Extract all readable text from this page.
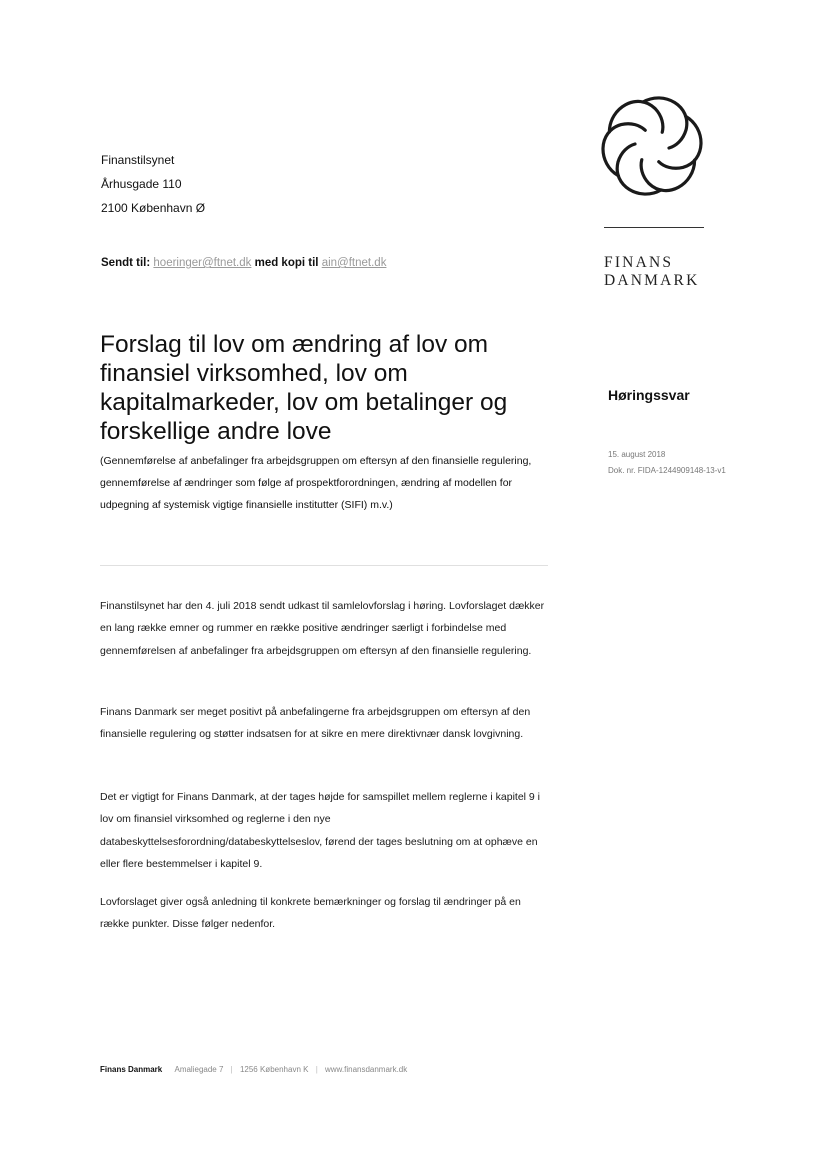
Finanstilsynet
Århusgade 110
2100 København Ø
Sendt til: hoeringer@ftnet.dk med kopi til ain@ftnet.dk	FINANS
DANMARK
Høringssvar
15. august 2018
Dok. nr. FIDA-1244909148-13-v1
Forslag til lov om ændring af lov om finansiel virksomhed, lov om kapitalmarkeder, lov om betalinger og forskellige andre love
(Gennemførelse af anbefalinger fra arbejdsgruppen om eftersyn af den finansielle regulering, gennemførelse af ændringer som følge af prospektforordningen, ændring af modellen for udpegning af systemisk vigtige finansielle institutter (SIFI) m.v.)
Finanstilsynet har den 4. juli 2018 sendt udkast til samlelovforslag i høring. Lovforslaget dækker en lang række emner og rummer en række positive ændringer særligt i forbindelse med gennemførelsen af anbefalinger fra arbejdsgruppen om eftersyn af den finansielle regulering.
Finans Danmark ser meget positivt på anbefalingerne fra arbejdsgruppen om eftersyn af den finansielle regulering og støtter indsatsen for at sikre en mere direktivnær dansk lovgivning.
Det er vigtigt for Finans Danmark, at der tages højde for samspillet mellem reglerne i kapitel 9 i lov om finansiel virksomhed og reglerne i den nye databeskyttelsesforordning/databeskyttelseslov, førend der tages beslutning om at ophæve en eller flere bestemmelser i kapitel 9.
Lovforslaget giver også anledning til konkrete bemærkninger og forslag til ændringer på en række punkter. Disse følger nedenfor.
Finans Danmark Amaliegade 7 | 1256 København K | www.finansdanmark.dk
